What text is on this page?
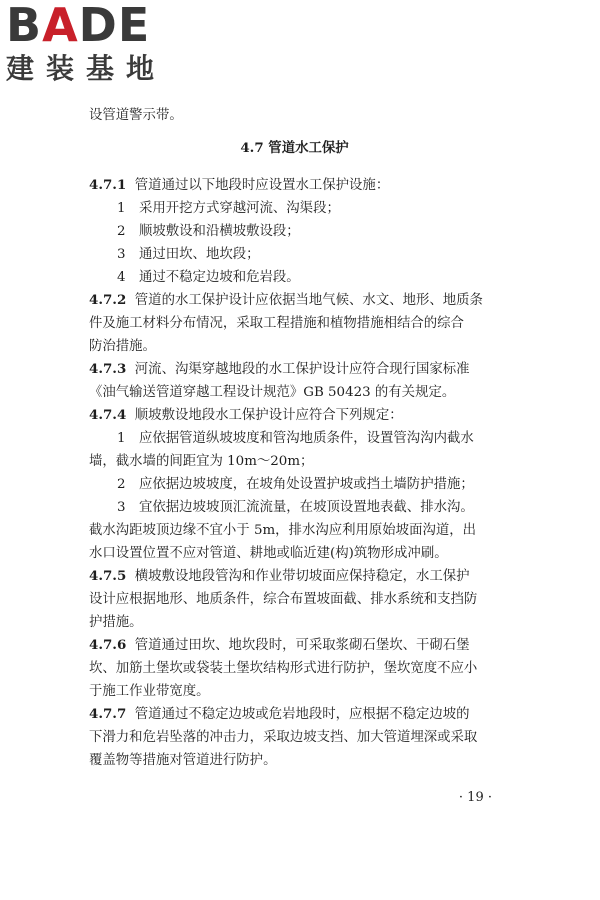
BADE
建装基地
设管道警示带。
4.7 管道水工保护
4.7.1 管道通过以下地段时应设置水工保护设施：
1 采用开挖方式穿越河流、沟渠段；
2 顺坡敷设和沿横坡敷设段；
3 通过田坎、地坎段；
4 通过不稳定边坡和危岩段。
4.7.2 管道的水工保护设计应依据当地气候、水文、地形、地质条
件及施工材料分布情况，采取工程措施和植物措施相结合的综合
防治措施。
4.7.3 河流、沟渠穿越地段的水工保护设计应符合现行国家标准
《油气输送管道穿越工程设计规范》GB 50423 的有关规定。
4.7.4 顺坡敷设地段水工保护设计应符合下列规定：
1 应依据管道纵坡坡度和管沟地质条件，设置管沟沟内截水
墙，截水墙的间距宜为 10m～20m；
2 应依据边坡坡度，在坡角处设置护坡或挡土墙防护措施；
3 宜依据边坡坡顶汇流流量，在坡顶设置地表截、排水沟。
截水沟距坡顶边缘不宜小于 5m，排水沟应利用原始坡面沟道，出
水口设置位置不应对管道、耕地或临近建(构)筑物形成冲刷。
4.7.5 横坡敷设地段管沟和作业带切坡面应保持稳定，水工保护
设计应根据地形、地质条件，综合布置坡面截、排水系统和支挡防
护措施。
4.7.6 管道通过田坎、地坎段时，可采取浆砌石堡坎、干砌石堡
坎、加筋土堡坎或袋装土堡坎结构形式进行防护，堡坎宽度不应小
于施工作业带宽度。
4.7.7 管道通过不稳定边坡或危岩地段时，应根据不稳定边坡的
下滑力和危岩坠落的冲击力，采取边坡支挡、加大管道埋深或采取
覆盖物等措施对管道进行防护。
· 19 ·
